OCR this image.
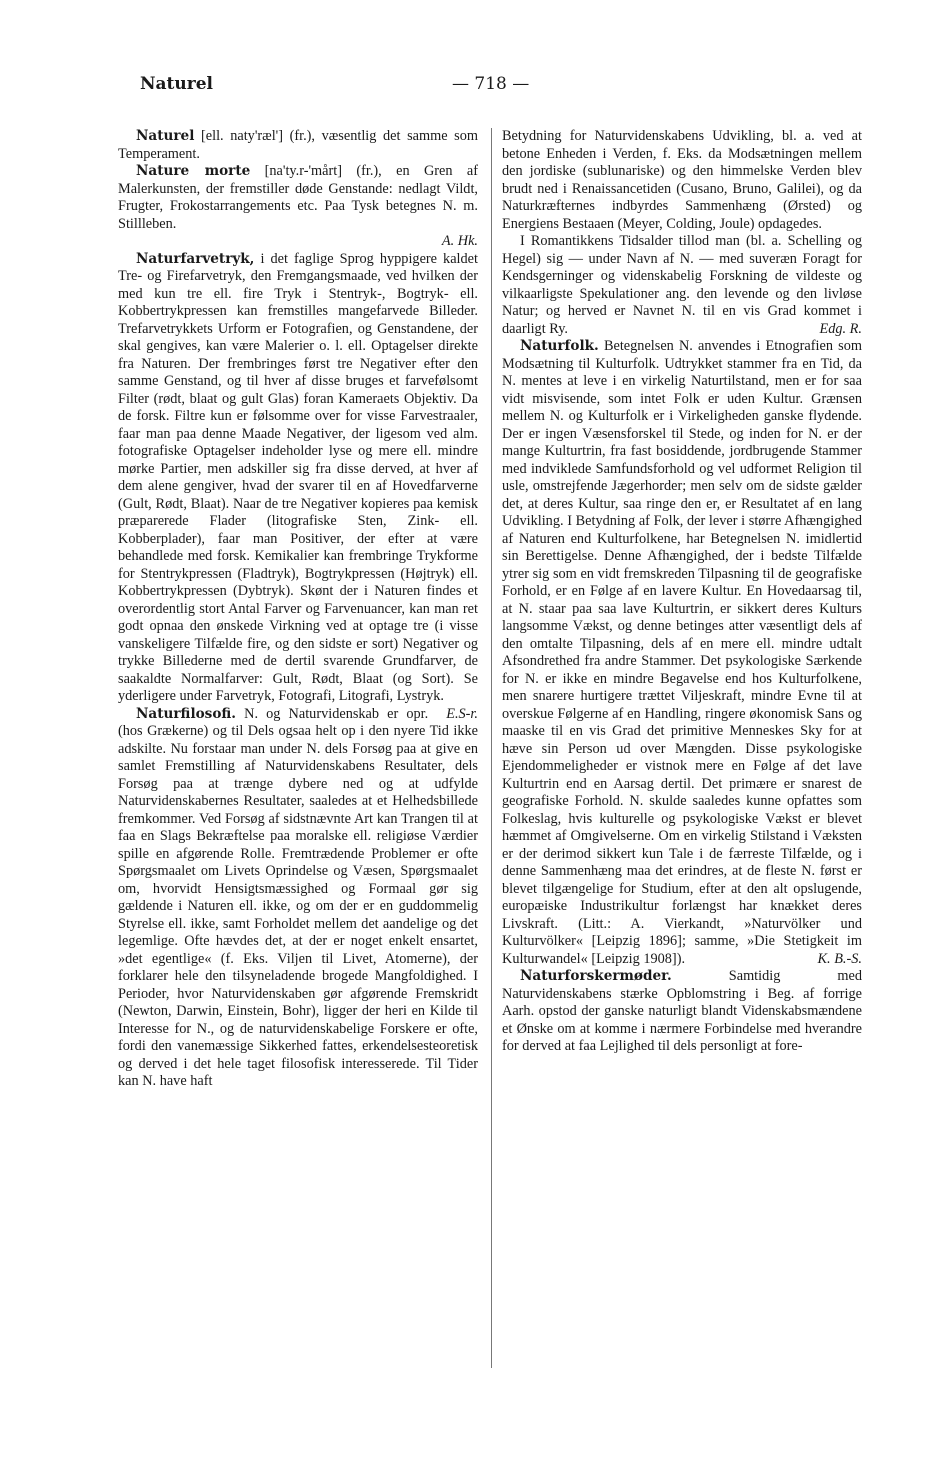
Naturel	— 718 —

Naturel [ell. naty'ræl'] (fr.), væsentlig det samme som Temperament.

Nature morte [na'ty.r-'mårt] (fr.), en Gren af Malerkunsten, der fremstiller døde Genstande: nedlagt Vildt, Frugter, Frokostarrangements etc. Paa Tysk betegnes N. m. Stillleben.

A. Hk.

Naturfarvetryk, i det faglige Sprog hyppigere kaldet Tre- og Firefarvetryk, den Fremgangsmaade, ved hvilken der med kun tre ell. fire Tryk i Stentryk-, Bogtryk- ell. Kobbertrykpressen kan fremstilles mangefarvede Billeder. Trefarvetrykkets Urform er Fotografien, og Genstandene, der skal gengives, kan være Malerier o. l. ell. Optagelser direkte fra Naturen. Der frembringes først tre Negativer efter den samme Genstand, og til hver af disse bruges et farvefølsomt Filter (rødt, blaat og gult Glas) foran Kameraets Objektiv. Da de forsk. Filtre kun er følsomme over for visse Farvestraaler, faar man paa denne Maade Negativer, der ligesom ved alm. fotografiske Optagelser indeholder lyse og mere ell. mindre mørke Partier, men adskiller sig fra disse derved, at hver af dem alene gengiver, hvad der svarer til en af Hovedfarverne (Gult, Rødt, Blaat). Naar de tre Negativer kopieres paa kemisk præparerede Flader (litografiske Sten, Zink- ell. Kobberplader), faar man Positiver, der efter at være behandlede med forsk. Kemikalier kan frembringe Trykforme for Stentrykpressen (Fladtryk), Bogtrykpressen (Højtryk) ell. Kobbertrykpressen (Dybtryk). Skønt der i Naturen findes et overordentlig stort Antal Farver og Farvenuancer, kan man ret godt opnaa den ønskede Virkning ved at optage tre (i visse vanskeligere Tilfælde fire, og den sidste er sort) Negativer og trykke Billederne med de dertil svarende Grundfarver, de saakaldte Normalfarver: Gult, Rødt, Blaat (og Sort). Se yderligere under Farvetryk, Fotografi, Litografi, Lystryk.
E.S-r.

Naturfilosofi. N. og Naturvidenskab er opr. (hos Grækerne) og til Dels ogsaa helt op i den nyere Tid ikke adskilte. Nu forstaar man under N. dels Forsøg paa at give en samlet Fremstilling af Naturvidenskabens Resultater, dels Forsøg paa at trænge dybere ned og at udfylde Naturvidenskabernes Resultater, saaledes at et Helhedsbillede fremkommer. Ved Forsøg af sidstnævnte Art kan Trangen til at faa en Slags Bekræftelse paa moralske ell. religiøse Værdier spille en afgørende Rolle. Fremtrædende Problemer er ofte Spørgsmaalet om Livets Oprindelse og Væsen, Spørgsmaalet om, hvorvidt Hensigtsmæssighed og Formaal gør sig gældende i Naturen ell. ikke, og om der er en guddommelig Styrelse ell. ikke, samt Forholdet mellem det aandelige og det legemlige. Ofte hævdes det, at der er noget enkelt ensartet, »det egentlige« (f. Eks. Viljen til Livet, Atomerne), der forklarer hele den tilsyneladende brogede Mangfoldighed. I Perioder, hvor Naturvidenskaben gør afgørende Fremskridt (Newton, Darwin, Einstein, Bohr), ligger der heri en Kilde til Interesse for N., og de naturvidenskabelige Forskere er ofte, fordi den vanemæssige Sikkerhed fattes, erkendelsesteoretisk og derved i det hele taget filosofisk interesserede. Til Tider kan N. have haft

Betydning for Naturvidenskabens Udvikling, bl. a. ved at betone Enheden i Verden, f. Eks. da Modsætningen mellem den jordiske (sublunariske) og den himmelske Verden blev brudt ned i Renaissancetiden (Cusano, Bruno, Galilei), og da Naturkræfternes indbyrdes Sammenhæng (Ørsted) og Energiens Bestaaen (Meyer, Colding, Joule) opdagedes.

I Romantikkens Tidsalder tillod man (bl. a. Schelling og Hegel) sig — under Navn af N. — med suveræn Foragt for Kendsgerninger og videnskabelig Forskning de vildeste og vilkaarligste Spekulationer ang. den levende og den livløse Natur; og herved er Navnet N. til en vis Grad kommet i daarligt Ry.	Edg. R.

Naturfolk. Betegnelsen N. anvendes i Etnografien som Modsætning til Kulturfolk. Udtrykket stammer fra en Tid, da N. mentes at leve i en virkelig Naturtilstand, men er for saa vidt misvisende, som intet Folk er uden Kultur. Grænsen mellem N. og Kulturfolk er i Virkeligheden ganske flydende. Der er ingen Væsensforskel til Stede, og inden for N. er der mange Kulturtrin, fra fast bosiddende, jordbrugende Stammer med indviklede Samfundsforhold og vel udformet Religion til usle, omstrejfende Jægerhorder; men selv om de sidste gælder det, at deres Kultur, saa ringe den er, er Resultatet af en lang Udvikling. I Betydning af Folk, der lever i større Afhængighed af Naturen end Kulturfolkene, har Betegnelsen N. imidlertid sin Berettigelse. Denne Afhængighed, der i bedste Tilfælde ytrer sig som en vidt fremskreden Tilpasning til de geografiske Forhold, er en Følge af en lavere Kultur. En Hovedaarsag til, at N. staar paa saa lave Kulturtrin, er sikkert deres Kulturs langsomme Vækst, og denne betinges atter væsentligt dels af den omtalte Tilpasning, dels af en mere ell. mindre udtalt Afsondrethed fra andre Stammer. Det psykologiske Særkende for N. er ikke en mindre Begavelse end hos Kulturfolkene, men snarere hurtigere trættet Viljeskraft, mindre Evne til at overskue Følgerne af en Handling, ringere økonomisk Sans og maaske til en vis Grad det primitive Menneskes Sky for at hæve sin Person ud over Mængden. Disse psykologiske Ejendommeligheder er vistnok mere en Følge af det lave Kulturtrin end en Aarsag dertil. Det primære er snarest de geografiske Forhold. N. skulde saaledes kunne opfattes som Folkeslag, hvis kulturelle og psykologiske Vækst er blevet hæmmet af Omgivelserne. Om en virkelig Stilstand i Væksten er der derimod sikkert kun Tale i de færreste Tilfælde, og i denne Sammenhæng maa det erindres, at de fleste N. først er blevet tilgængelige for Studium, efter at den alt opslugende, europæiske Industrikultur forlængst har knækket deres Livskraft. (Litt.: A. Vierkandt, »Naturvölker und Kulturvölker« [Leipzig 1896]; samme, »Die Stetigkeit im Kulturwandel« [Leipzig 1908]).	K. B.-S.

Naturforskermøder.	Samtidig med Naturvidenskabens stærke Opblomstring i Beg. af forrige Aarh. opstod der ganske naturligt blandt Videnskabsmændene et Ønske om at komme i nærmere Forbindelse med hverandre for derved at faa Lejlighed til dels personligt at fore-
